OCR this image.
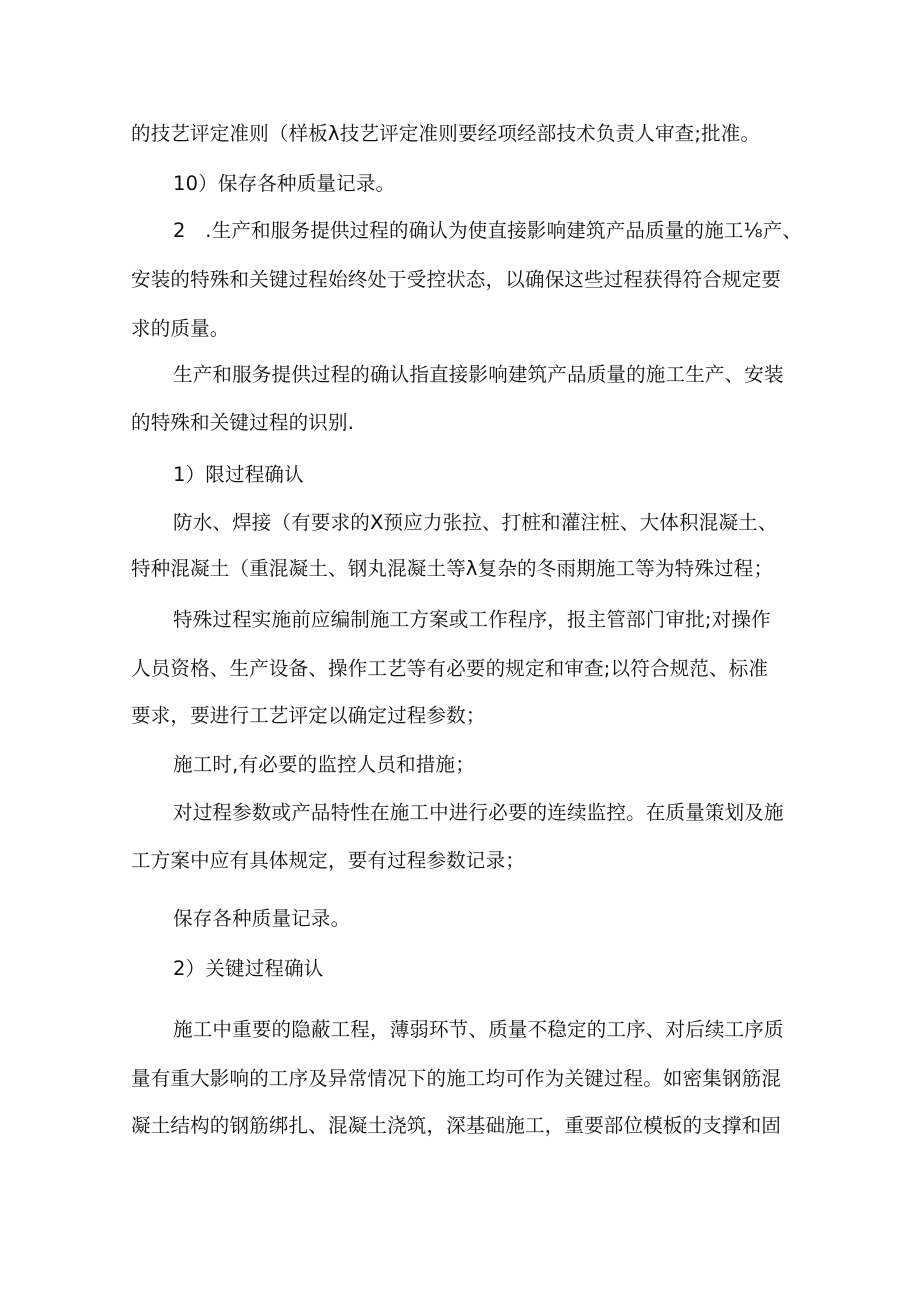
的技艺评定准则（样板λ技艺评定准则要经项经部技术负责人审查;批准。
10）保存各种质量记录。
2　.生产和服务提供过程的确认为使直接影响建筑产品质量的施工⅛产、
安装的特殊和关键过程始终处于受控状态，以确保这些过程获得符合规定要
求的质量。
生产和服务提供过程的确认指直接影响建筑产品质量的施工生产、安装
的特殊和关键过程的识别.
1）限过程确认
防水、焊接（有要求的X预应力张拉、打桩和灌注桩、大体积混凝土、
特种混凝土（重混凝土、钢丸混凝土等λ复杂的冬雨期施工等为特殊过程；
特殊过程实施前应编制施工方案或工作程序，报主管部门审批;对操作
人员资格、生产设备、操作工艺等有必要的规定和审查;以符合规范、标准
要求，要进行工艺评定以确定过程参数；
施工时,有必要的监控人员和措施；
对过程参数或产品特性在施工中进行必要的连续监控。在质量策划及施
工方案中应有具体规定，要有过程参数记录；
保存各种质量记录。
2）关键过程确认
施工中重要的隐蔽工程，薄弱环节、质量不稳定的工序、对后续工序质
量有重大影响的工序及异常情况下的施工均可作为关键过程。如密集钢筋混
凝土结构的钢筋绑扎、混凝土浇筑，深基础施工，重要部位模板的支撑和固
